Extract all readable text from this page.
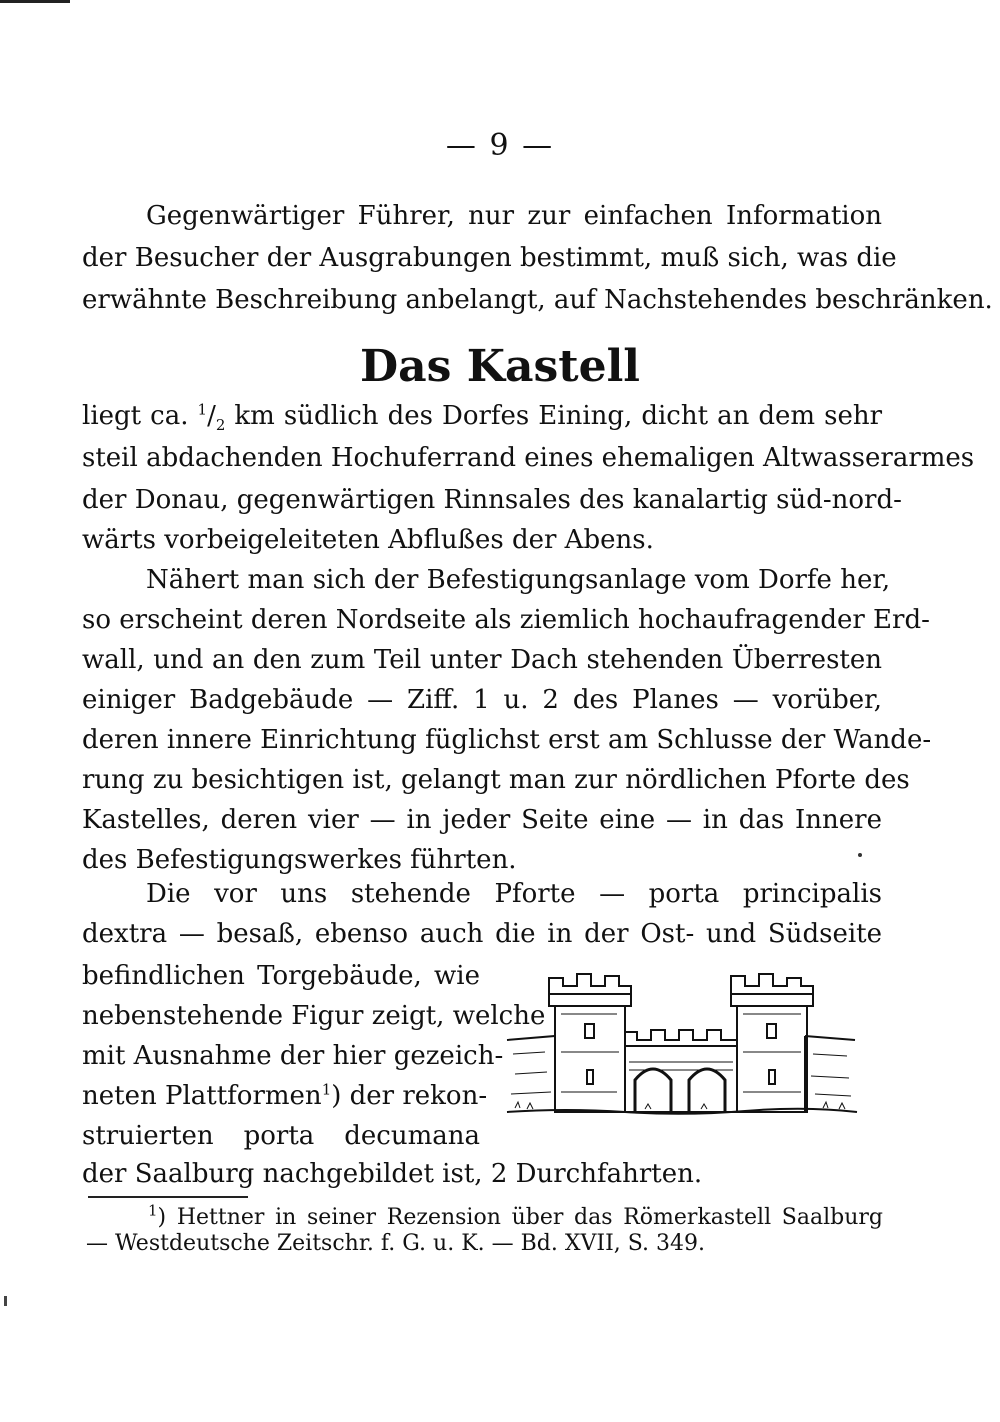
— 9 —
Gegenwärtiger Führer, nur zur einfachen Information
der Besucher der Ausgrabungen bestimmt, muß sich, was die
erwähnte Beschreibung anbelangt, auf Nachstehendes beschränken.
Das Kastell
liegt ca. $^1/_2$ km südlich des Dorfes Eining, dicht an dem sehr
steil abdachenden Hochuferrand eines ehemaligen Altwasserarmes
der Donau, gegenwärtigen Rinnsales des kanalartig süd-nord-
wärts vorbeigeleiteten Abflußes der Abens.
Nähert man sich der Befestigungsanlage vom Dorfe her,
so erscheint deren Nordseite als ziemlich hochaufragender Erd-
wall, und an den zum Teil unter Dach stehenden Überresten
einiger Badgebäude — Ziff. 1 u. 2 des Planes — vorüber,
deren innere Einrichtung füglichst erst am Schlusse der Wande-
rung zu besichtigen ist, gelangt man zur nördlichen Pforte des
Kastelles, deren vier — in jeder Seite eine — in das Innere
des Befestigungswerkes führten.
Die vor uns stehende Pforte — porta principalis
dextra — besaß, ebenso auch die in der Ost- und Südseite
befindlichen Torgebäude, wie
nebenstehende Figur zeigt, welche
mit Ausnahme der hier gezeich-
neten Plattformen$^1$) der rekon-
struierten porta decumana
der Saalburg nachgebildet ist, 2 Durchfahrten.
$^1$) Hettner in seiner Rezension über das Römerkastell Saalburg
— Westdeutsche Zeitschr. f. G. u. K. — Bd. XVII, S. 349.
